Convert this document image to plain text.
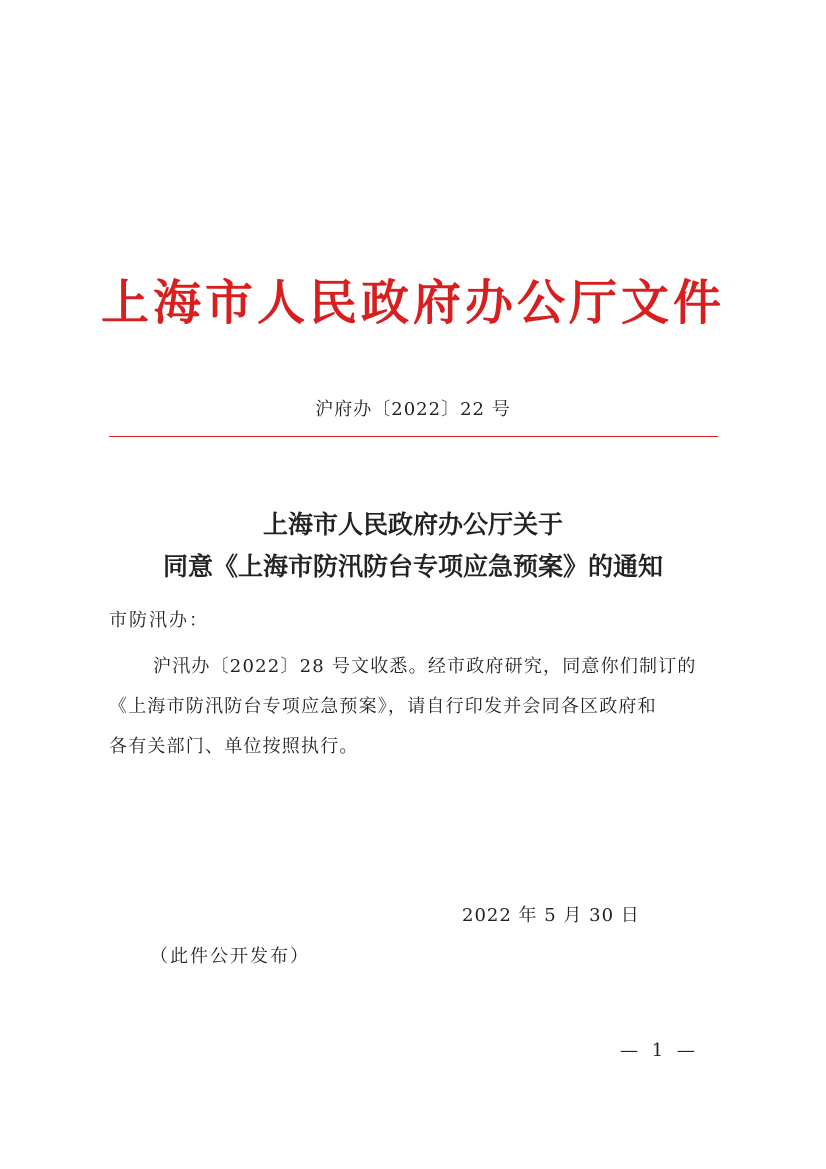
上海市人民政府办公厅文件
沪府办〔2022〕22 号
上海市人民政府办公厅关于
同意《上海市防汛防台专项应急预案》的通知
市防汛办：
沪汛办〔2022〕28 号文收悉。经市政府研究，同意你们制订的
《上海市防汛防台专项应急预案》，请自行印发并会同各区政府和
各有关部门、单位按照执行。
2022 年 5 月 30 日
（此件公开发布）
— 1 —
